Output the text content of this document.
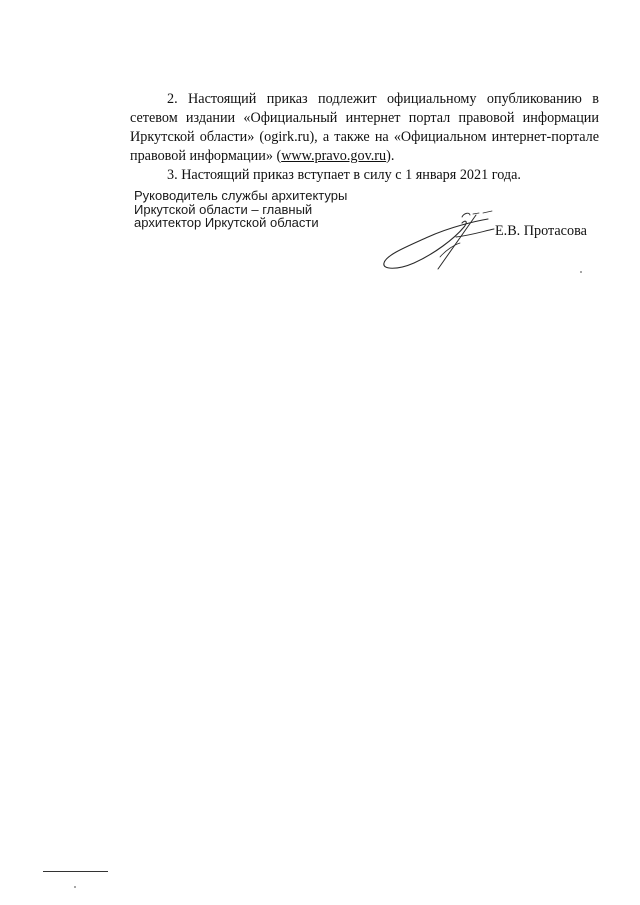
2. Настоящий приказ подлежит официальному опубликованию в сетевом издании «Официальный интернет портал правовой информации Иркутской области» (ogirk.ru), а также на «Официальном интернет-портале правовой информации» (www.pravo.gov.ru).

3. Настоящий приказ вступает в силу с 1 января 2021 года.

Руководитель службы архитектуры
Иркутской области – главный
архитектор Иркутской области
Е.В. Протасова
